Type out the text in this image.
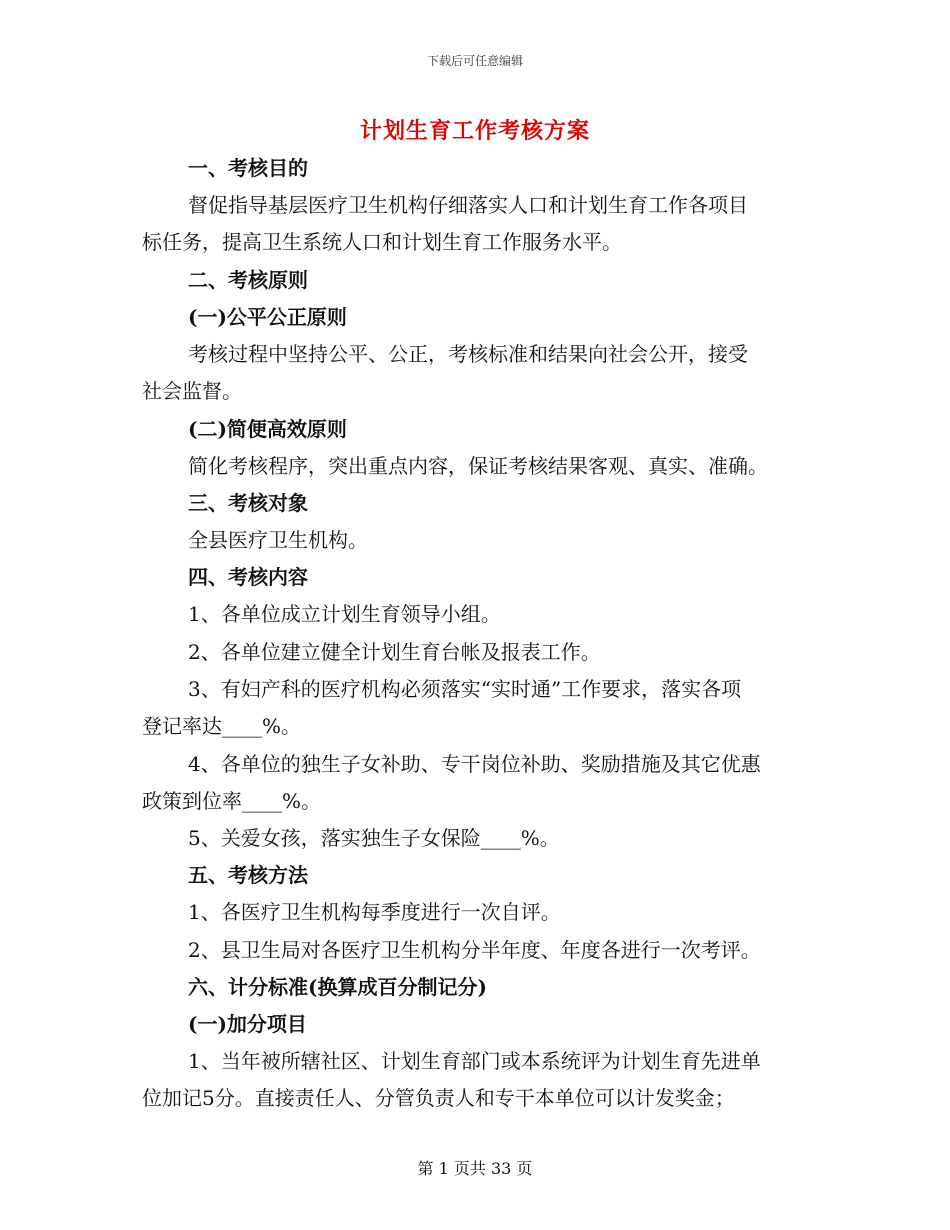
下载后可任意编辑
计划生育工作考核方案
一、考核目的
督促指导基层医疗卫生机构仔细落实人口和计划生育工作各项目
标任务，提高卫生系统人口和计划生育工作服务水平。
二、考核原则
(一)公平公正原则
考核过程中坚持公平、公正，考核标准和结果向社会公开，接受
社会监督。
(二)简便高效原则
简化考核程序，突出重点内容，保证考核结果客观、真实、准确。
三、考核对象
全县医疗卫生机构。
四、考核内容
1、各单位成立计划生育领导小组。
2、各单位建立健全计划生育台帐及报表工作。
3、有妇产科的医疗机构必须落实“实时通”工作要求，落实各项
登记率达____%。
4、各单位的独生子女补助、专干岗位补助、奖励措施及其它优惠
政策到位率____%。
5、关爱女孩，落实独生子女保险____%。
五、考核方法
1、各医疗卫生机构每季度进行一次自评。
2、县卫生局对各医疗卫生机构分半年度、年度各进行一次考评。
六、计分标准(换算成百分制记分)
(一)加分项目
1、当年被所辖社区、计划生育部门或本系统评为计划生育先进单
位加记5分。直接责任人、分管负责人和专干本单位可以计发奖金；
第 1 页共 33 页
